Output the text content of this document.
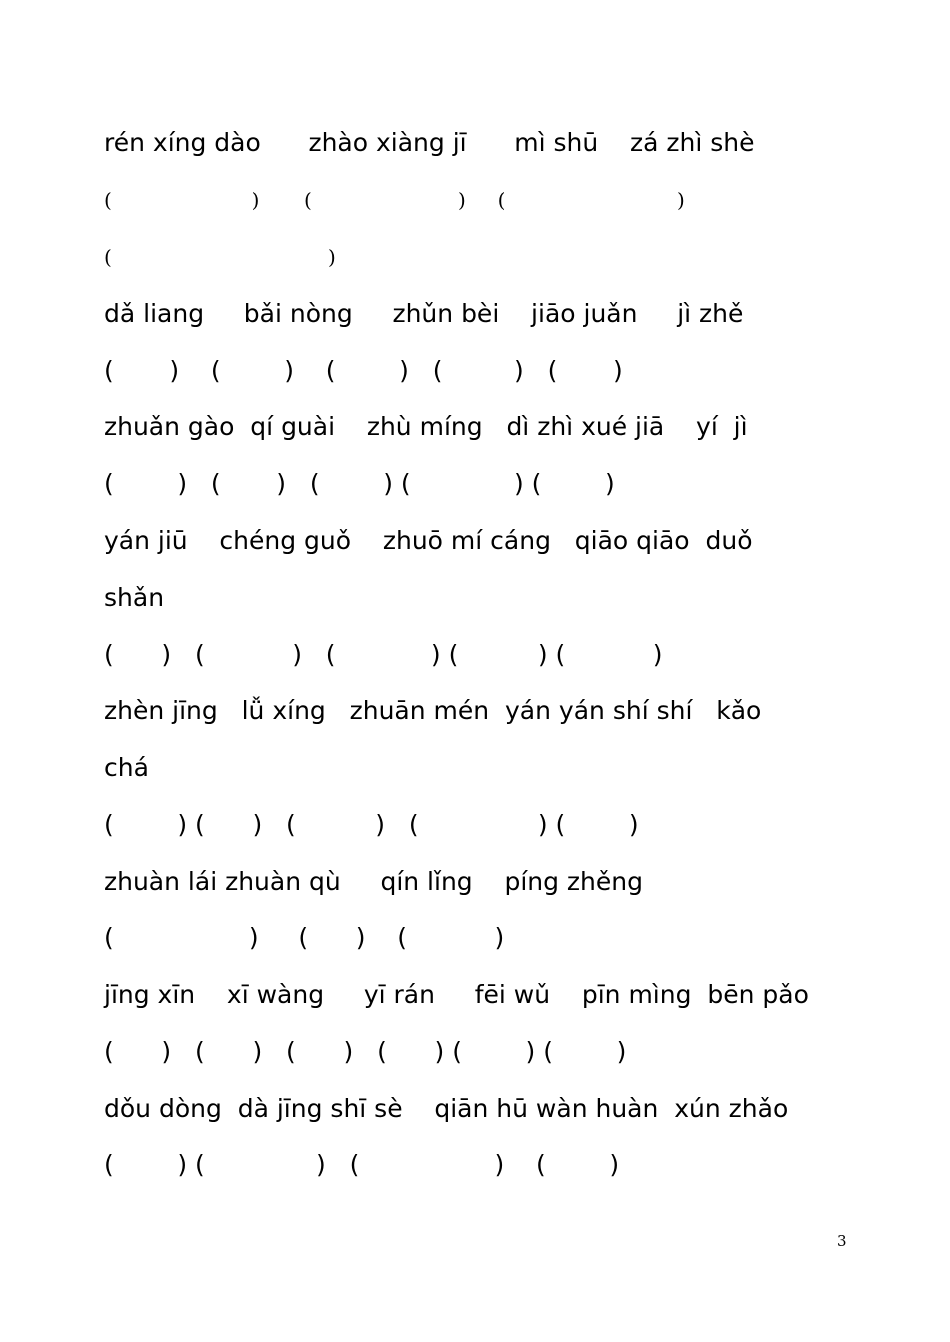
rén xíng dào      zhào xiàng jī      mì shū    zá zhì shè
(                      )       (                       )     (                           )
(                                  )
dǎ liang     bǎi nòng     zhǔn bèi    jiāo juǎn     jì zhě
(       )    (        )    (        )   (         )   (       )
zhuǎn gào  qí guài    zhù míng   dì zhì xué jiā    yí  jì
(        )   (       )   (        ) (             ) (        )
yán jiū    chéng guǒ    zhuō mí cáng   qiāo qiāo  duǒ
shǎn
(      )   (           )   (            ) (          ) (           )
zhèn jīng   lǚ xíng   zhuān mén  yán yán shí shí   kǎo
chá
(        ) (      )   (          )   (               ) (        )
zhuàn lái zhuàn qù     qín lǐng    píng zhěng
(                 )     (      )    (           )
jīng xīn    xī wàng     yī rán     fēi wǔ    pīn mìng  bēn pǎo
(      )   (      )   (      )   (      ) (        ) (        )
dǒu dòng  dà jīng shī sè    qiān hū wàn huàn  xún zhǎo
(        ) (              )   (                 )    (        )
3
